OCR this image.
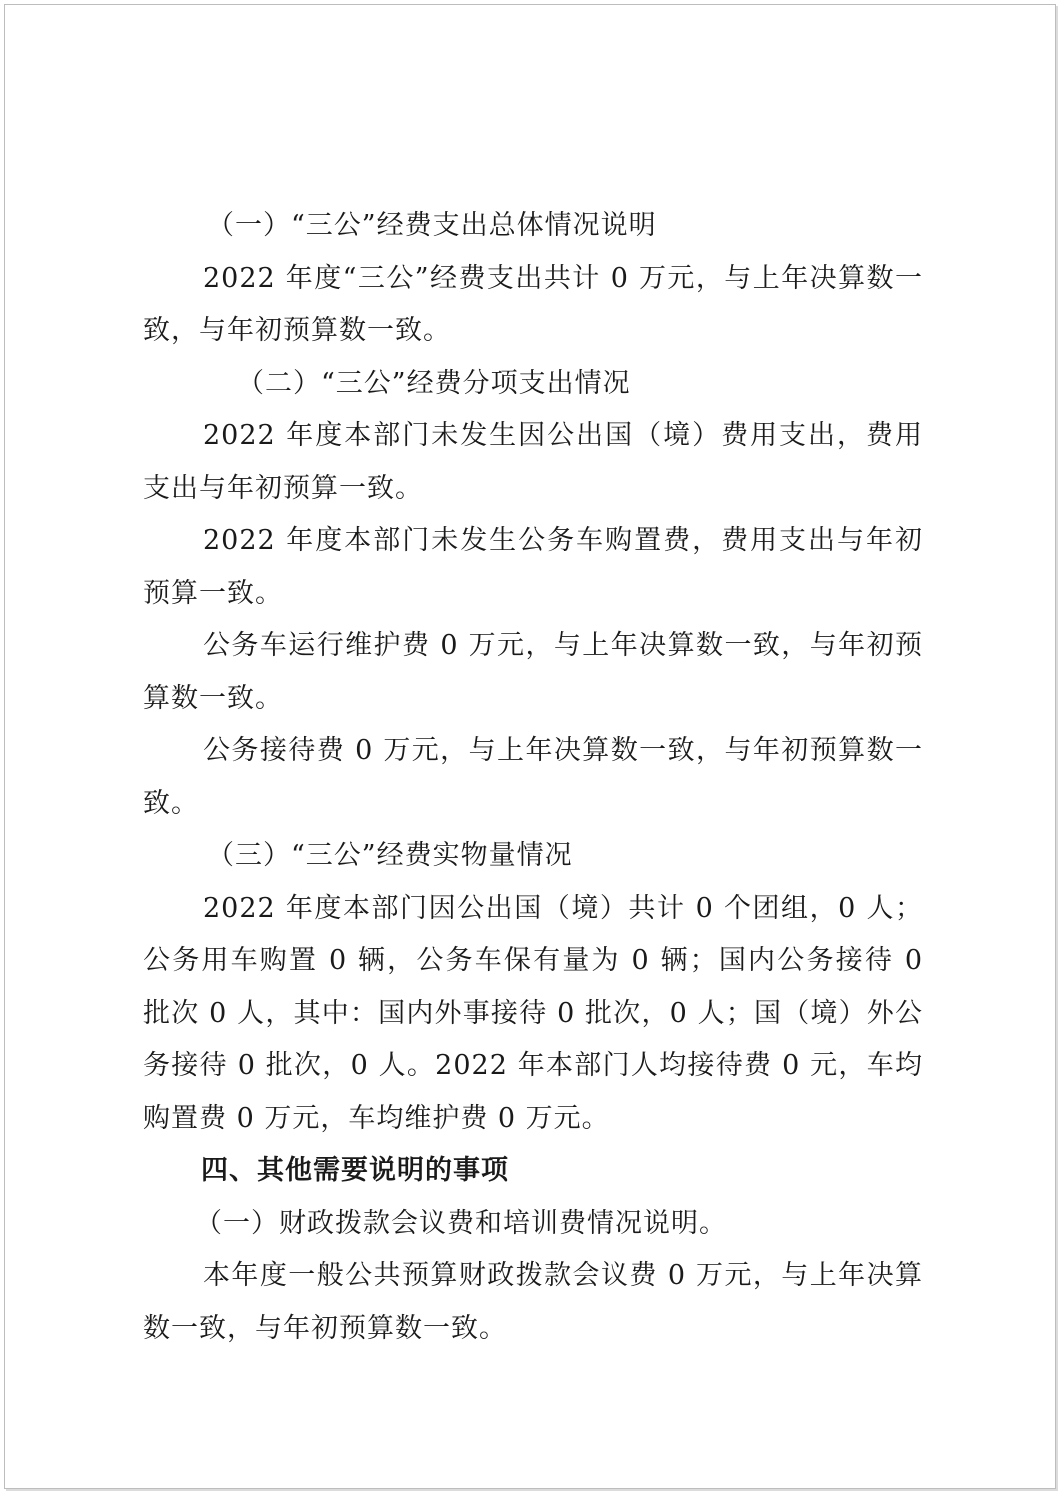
（一）“三公”经费支出总体情况说明

2022 年度“三公”经费支出共计 0 万元，与上年决算数一致，与年初预算数一致。

（二）“三公”经费分项支出情况

2022 年度本部门未发生因公出国（境）费用支出，费用支出与年初预算一致。

2022 年度本部门未发生公务车购置费，费用支出与年初预算一致。

公务车运行维护费 0 万元，与上年决算数一致，与年初预算数一致。

公务接待费 0 万元，与上年决算数一致，与年初预算数一致。

（三）“三公”经费实物量情况

2022 年度本部门因公出国（境）共计 0 个团组，0 人；公务用车购置 0 辆，公务车保有量为 0 辆；国内公务接待 0 批次 0 人，其中：国内外事接待 0 批次，0 人；国（境）外公务接待 0 批次，0 人。2022 年本部门人均接待费 0 元，车均购置费 0 万元，车均维护费 0 万元。

四、其他需要说明的事项

（一）财政拨款会议费和培训费情况说明。

本年度一般公共预算财政拨款会议费 0 万元，与上年决算数一致，与年初预算数一致。
